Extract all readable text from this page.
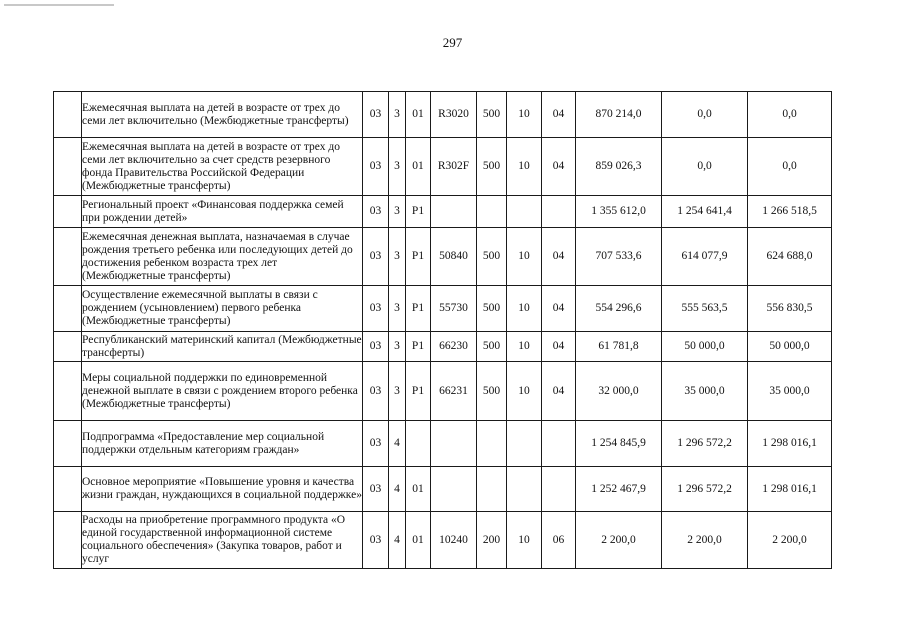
297
	Ежемесячная выплата на детей в возрасте от трех до семи лет включительно (Межбюджетные трансферты)	03	3	01	R3020	500	10	04	870 214,0	0,0	0,0
	Ежемесячная выплата на детей в возрасте от трех до семи лет включительно за счет средств резервного фонда Правительства Российской Федерации (Межбюджетные трансферты)	03	3	01	R302F	500	10	04	859 026,3	0,0	0,0
	Региональный проект «Финансовая поддержка семей при рождении детей»	03	3	P1					1 355 612,0	1 254 641,4	1 266 518,5
	Ежемесячная денежная выплата, назначаемая в случае рождения третьего ребенка или последующих детей до достижения ребенком возраста трех лет (Межбюджетные трансферты)	03	3	P1	50840	500	10	04	707 533,6	614 077,9	624 688,0
	Осуществление ежемесячной выплаты в связи с рождением (усыновлением) первого ребенка (Межбюджетные трансферты)	03	3	P1	55730	500	10	04	554 296,6	555 563,5	556 830,5
	Республиканский материнский капитал (Межбюджетные трансферты)	03	3	P1	66230	500	10	04	61 781,8	50 000,0	50 000,0
	Меры социальной поддержки по единовременной денежной выплате в связи с рождением второго ребенка (Межбюджетные трансферты)	03	3	P1	66231	500	10	04	32 000,0	35 000,0	35 000,0
	Подпрограмма «Предоставление мер социальной поддержки отдельным категориям граждан»	03	4						1 254 845,9	1 296 572,2	1 298 016,1
	Основное мероприятие «Повышение уровня и качества жизни граждан, нуждающихся в социальной поддержке»	03	4	01					1 252 467,9	1 296 572,2	1 298 016,1
	Расходы на приобретение программного продукта «О единой государственной информационной системе социального обеспечения» (Закупка товаров, работ и услуг	03	4	01	10240	200	10	06	2 200,0	2 200,0	2 200,0
